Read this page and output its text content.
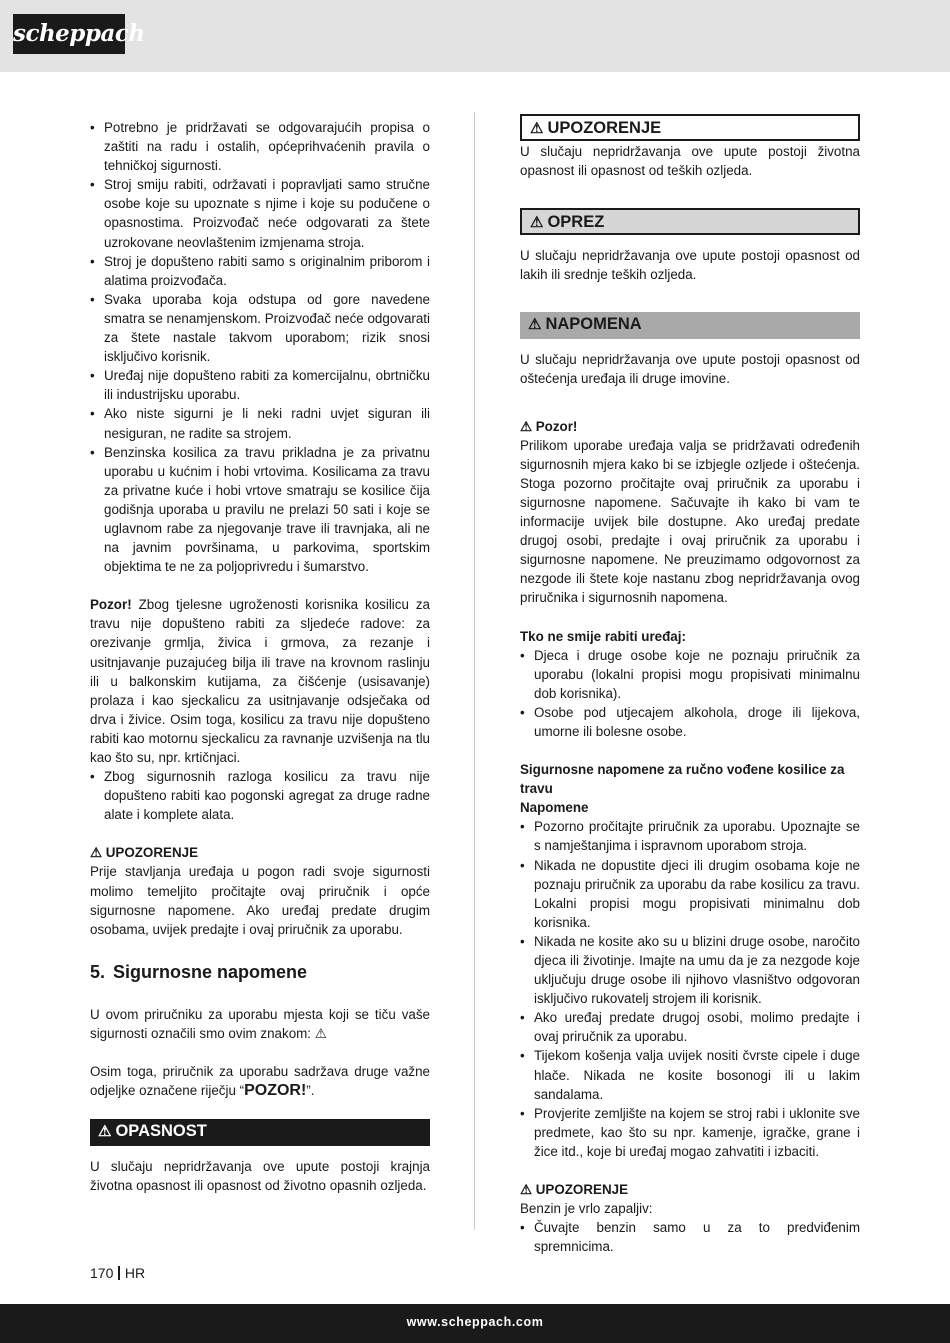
scheppach
• Potrebno je pridržavati se odgovarajućih propisa o zaštiti na radu i ostalih, općeprihvaćenih pravila o tehničkoj sigurnosti.
• Stroj smiju rabiti, održavati i popravljati samo stručne osobe koje su upoznate s njime i koje su podučene o opasnostima. Proizvođač neće odgovarati za štete uzrokovane neovlaštenim izmjenama stroja.
• Stroj je dopušteno rabiti samo s originalnim priborom i alatima proizvođača.
• Svaka uporaba koja odstupa od gore navedene smatra se nenamjenskom. Proizvođač neće odgovarati za štete nastale takvom uporabom; rizik snosi isključivo korisnik.
• Uređaj nije dopušteno rabiti za komercijalnu, obrtničku ili industrijsku uporabu.
• Ako niste sigurni je li neki radni uvjet siguran ili nesiguran, ne radite sa strojem.
• Benzinska kosilica za travu prikladna je za privatnu uporabu u kućnim i hobi vrtovima. Kosilicama za travu za privatne kuće i hobi vrtove smatraju se kosilice čija godišnja uporaba u pravilu ne prelazi 50 sati i koje se uglavnom rabe za njegovanje trave ili travnjaka, ali ne na javnim površinama, u parkovima, sportskim objektima te ne za poljoprivredu i šumarstvo.

Pozor! Zbog tjelesne ugroženosti korisnika kosilicu za travu nije dopušteno rabiti za sljedeće radove: za orezivanje grmlja, živica i grmova, za rezanje i usitnjavanje puzajućeg bilja ili trave na krovnom raslinju ili u balkonskim kutijama, za čišćenje (usisavanje) prolaza i kao sjeckalicu za usitnjavanje odsječaka od drva i živice. Osim toga, kosilicu za travu nije dopušteno rabiti kao motornu sjeckalicu za ravnanje uzvišenja na tlu kao što su, npr. krtičnjaci.

• Zbog sigurnosnih razloga kosilicu za travu nije dopušteno rabiti kao pogonski agregat za druge radne alate i komplete alata.
⚠ UPOZORENJE

Prije stavljanja uređaja u pogon radi svoje sigurnosti molimo temeljito pročitajte ovaj priručnik i opće sigurnosne napomene. Ako uređaj predate drugim osobama, uvijek predajte i ovaj priručnik za uporabu.

5. Sigurnosne napomene

U ovom priručniku za uporabu mjesta koji se tiču vaše sigurnosti označili smo ovim znakom: ⚠

Osim toga, priručnik za uporabu sadržava druge važne odjeljke označene riječju “POZOR!”.

⚠ OPASNOST

U slučaju nepridržavanja ove upute postoji krajnja životna opasnost ili opasnost od životno opasnih ozljeda.

⚠ UPOZORENJE

U slučaju nepridržavanja ove upute postoji životna opasnost ili opasnost od teških ozljeda.

⚠ OPREZ

U slučaju nepridržavanja ove upute postoji opasnost od lakih ili srednje teških ozljeda.

⚠ NAPOMENA

U slučaju nepridržavanja ove upute postoji opasnost od oštećenja uređaja ili druge imovine.

⚠ Pozor!

Prilikom uporabe uređaja valja se pridržavati određenih sigurnosnih mjera kako bi se izbjegle ozljede i oštećenja. Stoga pozorno pročitajte ovaj priručnik za uporabu i sigurnosne napomene. Sačuvajte ih kako bi vam te informacije uvijek bile dostupne. Ako uređaj predate drugoj osobi, predajte i ovaj priručnik za uporabu i sigurnosne napomene. Ne preuzimamo odgovornost za nezgode ili štete koje nastanu zbog nepridržavanja ovog priručnika i sigurnosnih napomena.

Tko ne smije rabiti uređaj:
• Djeca i druge osobe koje ne poznaju priručnik za uporabu (lokalni propisi mogu propisivati minimalnu dob korisnika).
• Osobe pod utjecajem alkohola, droge ili lijekova, umorne ili bolesne osobe.
Sigurnosne napomene za ručno vođene kosilice za travu
Napomene
• Pozorno pročitajte priručnik za uporabu. Upoznajte se s namještanjima i ispravnom uporabom stroja.
• Nikada ne dopustite djeci ili drugim osobama koje ne poznaju priručnik za uporabu da rabe kosilicu za travu. Lokalni propisi mogu propisivati minimalnu dob korisnika.
• Nikada ne kosite ako su u blizini druge osobe, naročito djeca ili životinje. Imajte na umu da je za nezgode koje uključuju druge osobe ili njihovo vlasništvo odgovoran isključivo rukovatelj strojem ili korisnik.
• Ako uređaj predate drugoj osobi, molimo predajte i ovaj priručnik za uporabu.
• Tijekom košenja valja uvijek nositi čvrste cipele i duge hlače. Nikada ne kosite bosonogi ili u lakim sandalama.
• Provjerite zemljište na kojem se stroj rabi i uklonite sve predmete, kao što su npr. kamenje, igračke, grane i žice itd., koje bi uređaj mogao zahvatiti i izbaciti.
⚠ UPOZORENJE

Benzin je vrlo zapaljiv:

• Čuvajte benzin samo u za to predviđenim spremnicima.
170 HR
www.scheppach.com
